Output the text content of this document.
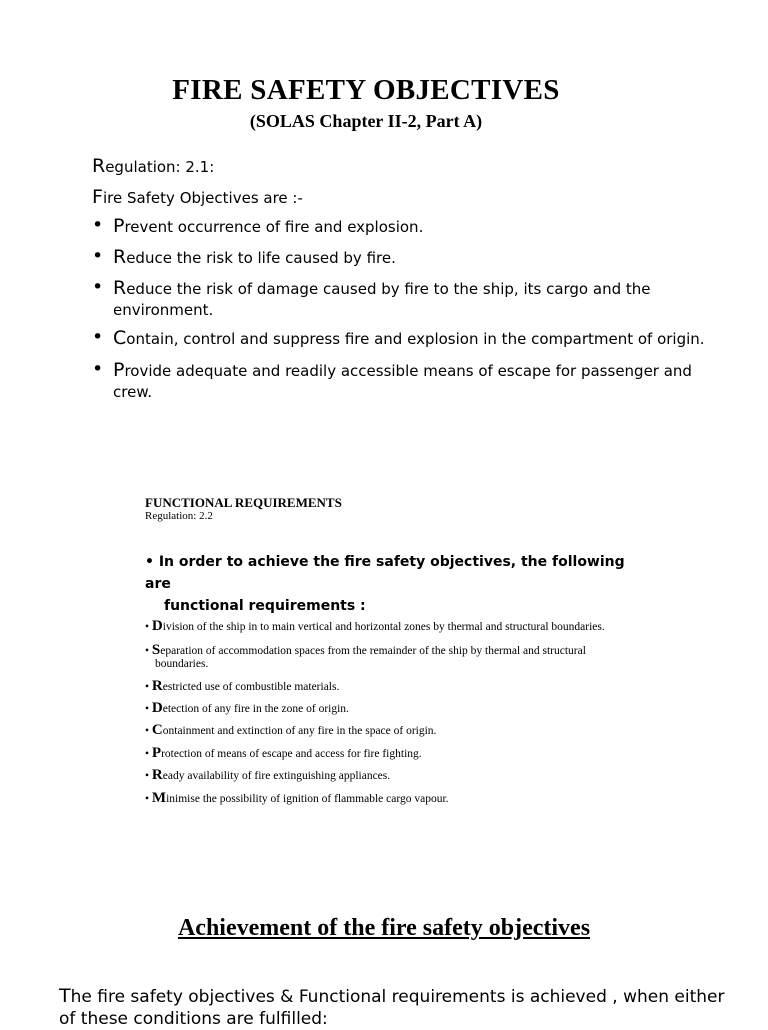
FIRE SAFETY OBJECTIVES
(SOLAS Chapter II-2, Part A)
Regulation: 2.1:
Fire Safety Objectives are :-
• Prevent occurrence of fire and explosion.
• Reduce the risk to life caused by fire.
• Reduce the risk of damage caused by fire to the ship, its cargo and the environment.
• Contain, control and suppress fire and explosion in the compartment of origin.
• Provide adequate and readily accessible means of escape for passenger and crew.
FUNCTIONAL REQUIREMENTS
Regulation: 2.2
• In order to achieve the fire safety objectives, the following are
functional requirements :
• Division of the ship in to main vertical and horizontal zones by thermal and structural boundaries.
• Separation of accommodation spaces from the remainder of the ship by thermal and structural
boundaries.
• Restricted use of combustible materials.
• Detection of any fire in the zone of origin.
• Containment and extinction of any fire in the space of origin.
• Protection of means of escape and access for fire fighting.
• Ready availability of fire extinguishing appliances.
• Minimise the possibility of ignition of flammable cargo vapour.
Achievement of the fire safety objectives
The fire safety objectives & Functional requirements is achieved , when either of these conditions are fulfilled:
